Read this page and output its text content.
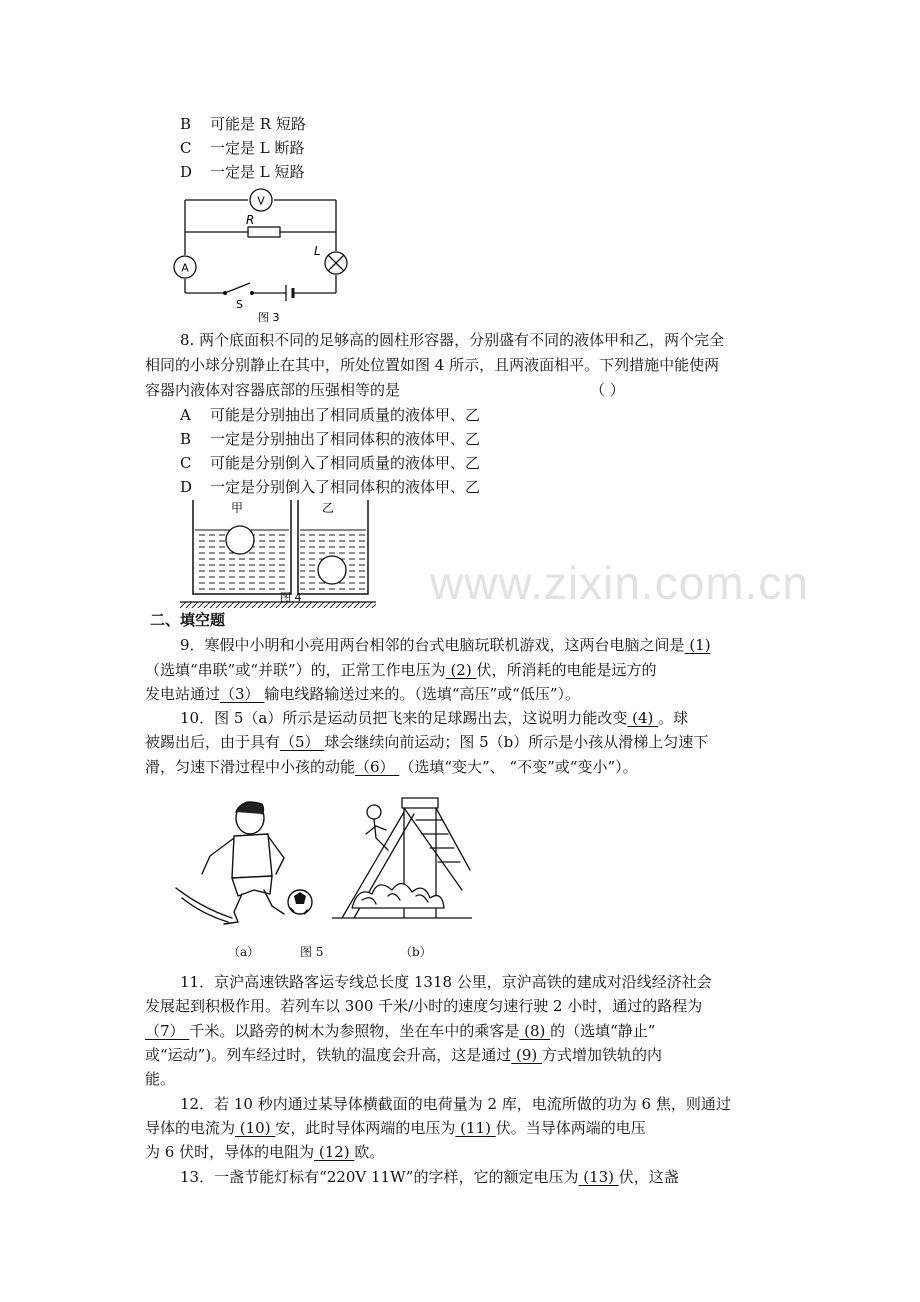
B 可能是 R 短路
C 一定是 L 断路
D 一定是 L 短路
V
A
R
L
S
图 3
8. 两个底面积不同的足够高的圆柱形容器，分别盛有不同的液体甲和乙，两个完全
相同的小球分别静止在其中，所处位置如图 4 所示，且两液面相平。下列措施中能使两
容器内液体对容器底部的压强相等的是	（ ）
A 可能是分别抽出了相同质量的液体甲、乙
B 一定是分别抽出了相同体积的液体甲、乙
C 可能是分别倒入了相同质量的液体甲、乙
D 一定是分别倒入了相同体积的液体甲、乙
甲	乙
图 4	www.zixin.com.cn
二、填空题
9．寒假中小明和小亮用两台相邻的台式电脑玩联机游戏，这两台电脑之间是 (1)
（选填“串联”或“并联”）的，正常工作电压为 (2) 伏，所消耗的电能是远方的
发电站通过（3） 输电线路输送过来的。（选填“高压”或“低压”）。
10．图 5（a）所示是运动员把飞来的足球踢出去，这说明力能改变 (4) 。球
被踢出后，由于具有（5） 球会继续向前运动；图 5（b）所示是小孩从滑梯上匀速下
滑，匀速下滑过程中小孩的动能（6） （选填“变大”、 “不变”或“变小”）。
（a）	图 5	（b）
11．京沪高速铁路客运专线总长度 1318 公里，京沪高铁的建成对沿线经济社会
发展起到积极作用。若列车以 300 千米/小时的速度匀速行驶 2 小时，通过的路程为
（7） 千米。以路旁的树木为参照物，坐在车中的乘客是 (8) 的（选填“静止”
或“运动”)。列车经过时，铁轨的温度会升高，这是通过 (9) 方式增加铁轨的内
能。
12．若 10 秒内通过某导体横截面的电荷量为 2 库，电流所做的功为 6 焦，则通过
导体的电流为 (10) 安，此时导体两端的电压为 (11) 伏。当导体两端的电压
为 6 伏时，导体的电阻为 (12) 欧。
13．一盏节能灯标有“220V 11W”的字样，它的额定电压为 (13) 伏，这盏
